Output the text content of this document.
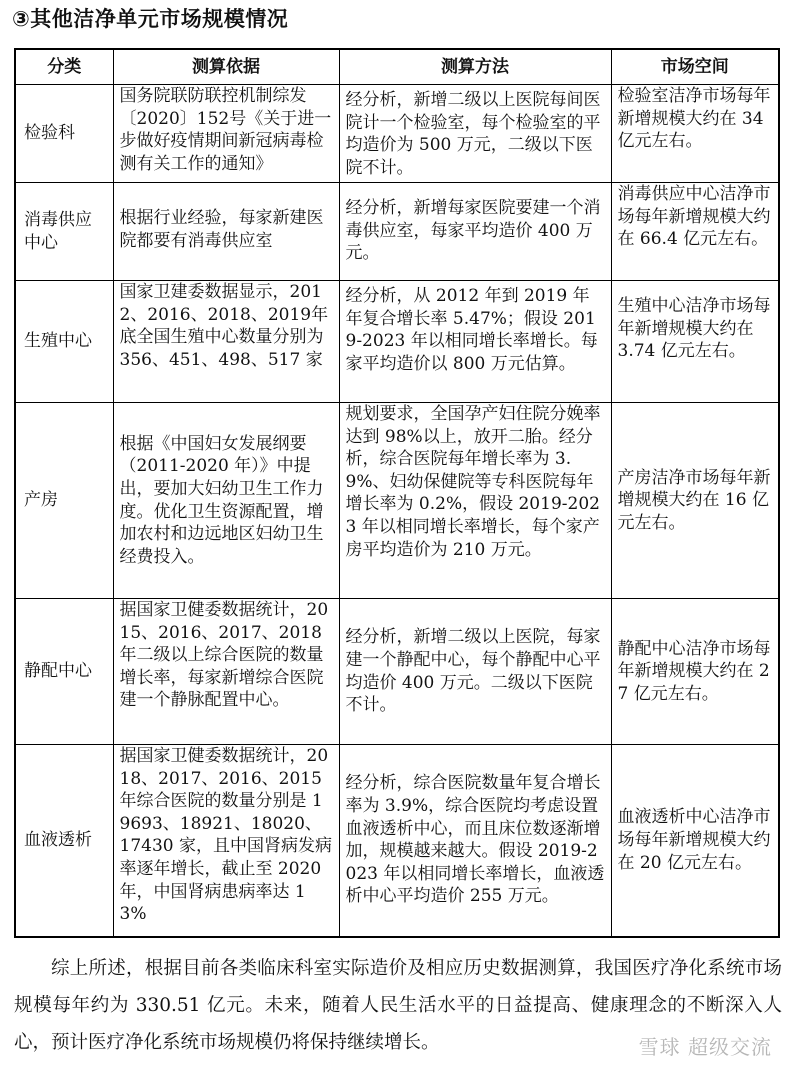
③其他洁净单元市场规模情况
分类	测算依据	测算方法	市场空间
检验科	国务院联防联控机制综发〔2020〕152号《关于进一步做好疫情期间新冠病毒检测有关工作的通知》	经分析，新增二级以上医院每间医院计一个检验室，每个检验室的平均造价为 500 万元，二级以下医院不计。	检验室洁净市场每年新增规模大约在 34 亿元左右。
消毒供应中心	根据行业经验，每家新建医院都要有消毒供应室	经分析，新增每家医院要建一个消毒供应室，每家平均造价 400 万元。	消毒供应中心洁净市场每年新增规模大约在 66.4 亿元左右。
生殖中心	国家卫建委数据显示，2012、2016、2018、2019年底全国生殖中心数量分别为 356、451、498、517 家	经分析，从 2012 年到 2019 年年复合增长率 5.47%；假设 2019-2023 年以相同增长率增长。每家平均造价以 800 万元估算。	生殖中心洁净市场每年新增规模大约在 3.74 亿元左右。
产房	根据《中国妇女发展纲要（2011-2020 年）》中提出，要加大妇幼卫生工作力度。优化卫生资源配置，增加农村和边远地区妇幼卫生经费投入。	规划要求，全国孕产妇住院分娩率达到 98%以上，放开二胎。经分析，综合医院每年增长率为 3.9%、妇幼保健院等专科医院每年增长率为 0.2%，假设 2019-2023 年以相同增长率增长，每个家产房平均造价为 210 万元。	产房洁净市场每年新增规模大约在 16 亿元左右。
静配中心	据国家卫健委数据统计，2015、2016、2017、2018 年二级以上综合医院的数量增长率，每家新增综合医院建一个静脉配置中心。	经分析，新增二级以上医院，每家建一个静配中心，每个静配中心平均造价 400 万元。二级以下医院不计。	静配中心洁净市场每年新增规模大约在 27 亿元左右。
血液透析	据国家卫健委数据统计，2018、2017、2016、2015 年综合医院的数量分别是 19693、18921、18020、17430 家，且中国肾病发病率逐年增长，截止至 2020 年，中国肾病患病率达 13%	经分析，综合医院数量年复合增长率为 3.9%，综合医院均考虑设置血液透析中心，而且床位数逐渐增加，规模越来越大。假设 2019-2023 年以相同增长率增长，血液透析中心平均造价 255 万元。	血液透析中心洁净市场每年新增规模大约在 20 亿元左右。

综上所述，根据目前各类临床科室实际造价及相应历史数据测算，我国医疗净化系统市场规模每年约为 330.51 亿元。未来，随着人民生活水平的日益提高、健康理念的不断深入人心，预计医疗净化系统市场规模仍将保持继续增长。	雪球 超级交流
